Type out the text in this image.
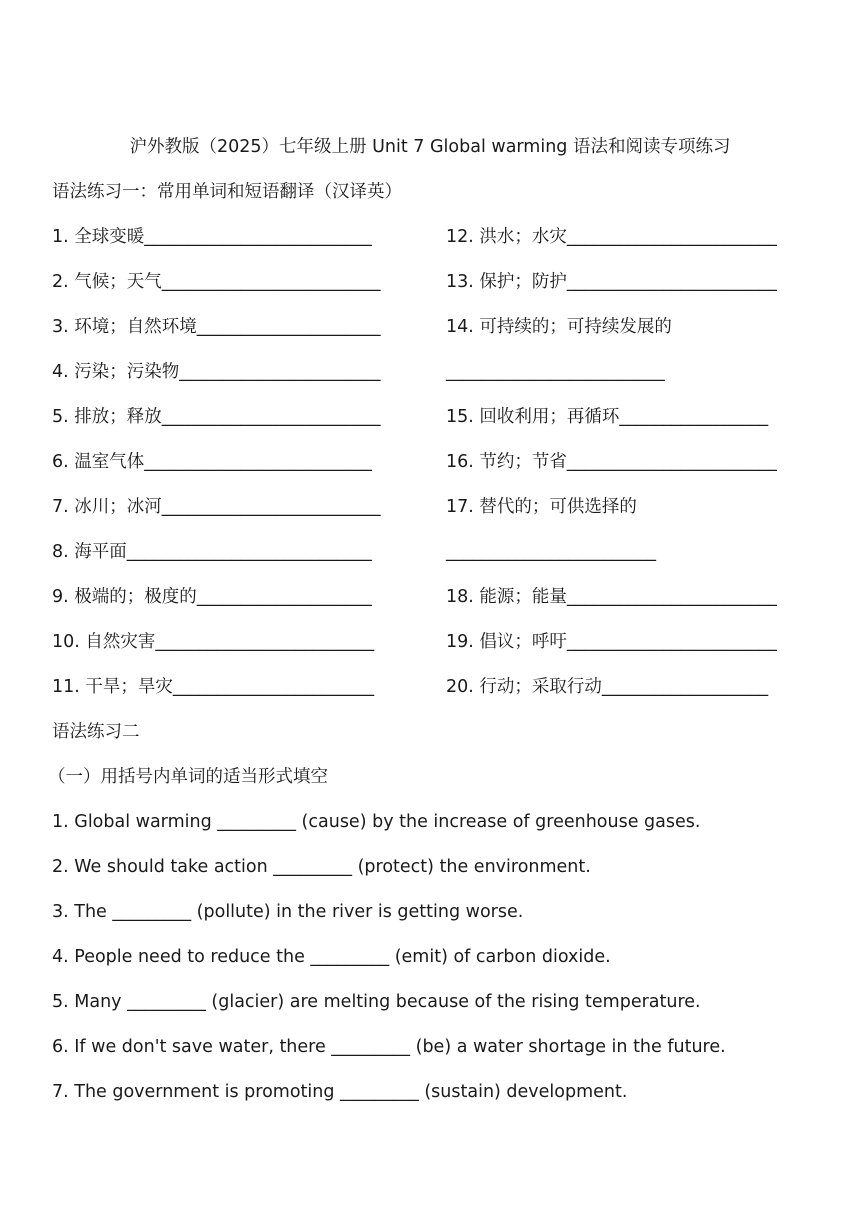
沪外教版（2025）七年级上册 Unit 7 Global warming 语法和阅读专项练习
语法练习一：常用单词和短语翻译（汉译英）
1. 全球变暖__________________________
2. 气候；天气_________________________
3. 环境；自然环境_____________________
4. 污染；污染物_______________________
5. 排放；释放_________________________
6. 温室气体__________________________
7. 冰川；冰河_________________________
8. 海平面____________________________
9. 极端的；极度的____________________
10. 自然灾害_________________________
11. 干旱；旱灾_______________________
12. 洪水；水灾________________________
13. 保护；防护________________________
14. 可持续的；可持续发展的
_________________________
15. 回收利用；再循环_________________
16. 节约；节省________________________
17. 替代的；可供选择的
________________________
18. 能源；能量________________________
19. 倡议；呼吁________________________
20. 行动；采取行动___________________
语法练习二
（一）用括号内单词的适当形式填空
1. Global warming _________ (cause) by the increase of greenhouse gases.
2. We should take action _________ (protect) the environment.
3. The _________ (pollute) in the river is getting worse.
4. People need to reduce the _________ (emit) of carbon dioxide.
5. Many _________ (glacier) are melting because of the rising temperature.
6. If we don't save water, there _________ (be) a water shortage in the future.
7. The government is promoting _________ (sustain) development.
